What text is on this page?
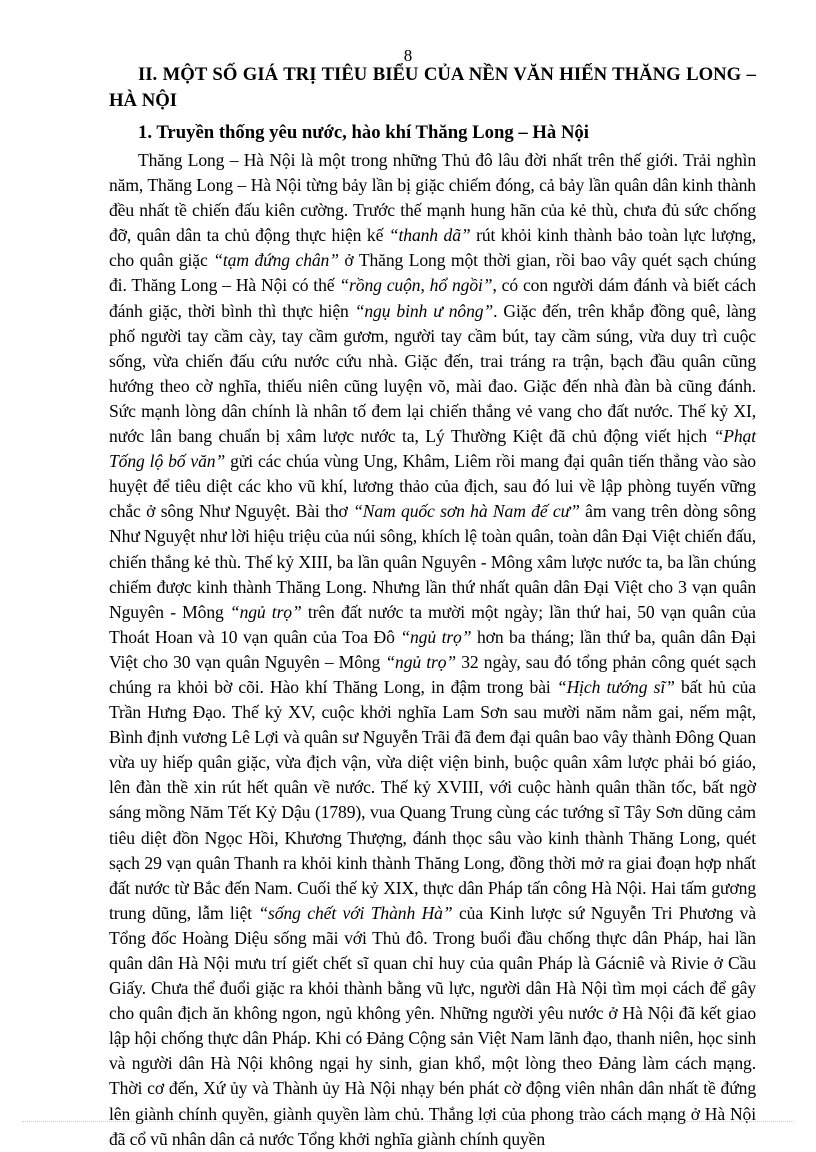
8
II. MỘT SỐ GIÁ TRỊ TIÊU BIỂU CỦA NỀN VĂN HIẾN THĂNG LONG – HÀ NỘI
1. Truyền thống yêu nước, hào khí Thăng Long – Hà Nội

Thăng Long – Hà Nội là một trong những Thủ đô lâu đời nhất trên thế giới. Trải nghìn năm, Thăng Long – Hà Nội từng bảy lần bị giặc chiếm đóng, cả bảy lần quân dân kinh thành đều nhất tề chiến đấu kiên cường. Trước thế mạnh hung hãn của kẻ thù, chưa đủ sức chống đỡ, quân dân ta chủ động thực hiện kế “thanh dã” rút khỏi kinh thành bảo toàn lực lượng, cho quân giặc “tạm đứng chân” ở Thăng Long một thời gian, rồi bao vây quét sạch chúng đi. Thăng Long – Hà Nội có thế “rồng cuộn, hổ ngồi”, có con người dám đánh và biết cách đánh giặc, thời bình thì thực hiện “ngụ binh ư nông”. Giặc đến, trên khắp đồng quê, làng phố người tay cầm cày, tay cầm gươm, người tay cầm bút, tay cầm súng, vừa duy trì cuộc sống, vừa chiến đấu cứu nước cứu nhà. Giặc đến, trai tráng ra trận, bạch đầu quân cũng hướng theo cờ nghĩa, thiếu niên cũng luyện võ, mài đao. Giặc đến nhà đàn bà cũng đánh. Sức mạnh lòng dân chính là nhân tố đem lại chiến thắng vẻ vang cho đất nước. Thế kỷ XI, nước lân bang chuẩn bị xâm lược nước ta, Lý Thường Kiệt đã chủ động viết hịch “Phạt Tống lộ bố văn” gửi các chúa vùng Ung, Khâm, Liêm rồi mang đại quân tiến thẳng vào sào huyệt để tiêu diệt các kho vũ khí, lương thảo của địch, sau đó lui về lập phòng tuyến vững chắc ở sông Như Nguyệt. Bài thơ “Nam quốc sơn hà Nam đế cư” âm vang trên dòng sông Như Nguyệt như lời hiệu triệu của núi sông, khích lệ toàn quân, toàn dân Đại Việt chiến đấu, chiến thắng kẻ thù. Thế kỷ XIII, ba lần quân Nguyên - Mông xâm lược nước ta, ba lần chúng chiếm được kinh thành Thăng Long. Nhưng lần thứ nhất quân dân Đại Việt cho 3 vạn quân Nguyên - Mông “ngủ trọ” trên đất nước ta mười một ngày; lần thứ hai, 50 vạn quân của Thoát Hoan và 10 vạn quân của Toa Đô “ngủ trọ” hơn ba tháng; lần thứ ba, quân dân Đại Việt cho 30 vạn quân Nguyên – Mông “ngủ trọ” 32 ngày, sau đó tổng phản công quét sạch chúng ra khỏi bờ cõi. Hào khí Thăng Long, in đậm trong bài “Hịch tướng sĩ” bất hủ của Trần Hưng Đạo. Thế kỷ XV, cuộc khởi nghĩa Lam Sơn sau mười năm nằm gai, nếm mật, Bình định vương Lê Lợi và quân sư Nguyễn Trãi đã đem đại quân bao vây thành Đông Quan vừa uy hiếp quân giặc, vừa địch vận, vừa diệt viện binh, buộc quân xâm lược phải bó giáo, lên đàn thề xin rút hết quân về nước. Thế kỷ XVIII, với cuộc hành quân thần tốc, bất ngờ sáng mồng Năm Tết Kỷ Dậu (1789), vua Quang Trung cùng các tướng sĩ Tây Sơn dũng cảm tiêu diệt đồn Ngọc Hồi, Khương Thượng, đánh thọc sâu vào kinh thành Thăng Long, quét sạch 29 vạn quân Thanh ra khỏi kinh thành Thăng Long, đồng thời mở ra giai đoạn hợp nhất đất nước từ Bắc đến Nam. Cuối thế kỷ XIX, thực dân Pháp tấn công Hà Nội. Hai tấm gương trung dũng, lẫm liệt “sống chết với Thành Hà” của Kinh lược sứ Nguyễn Tri Phương và Tổng đốc Hoàng Diệu sống mãi với Thủ đô. Trong buổi đầu chống thực dân Pháp, hai lần quân dân Hà Nội mưu trí giết chết sĩ quan chỉ huy của quân Pháp là Gácniê và Rivie ở Cầu Giấy. Chưa thể đuổi giặc ra khỏi thành bằng vũ lực, người dân Hà Nội tìm mọi cách để gây cho quân địch ăn không ngon, ngủ không yên. Những người yêu nước ở Hà Nội đã kết giao lập hội chống thực dân Pháp. Khi có Đảng Cộng sản Việt Nam lãnh đạo, thanh niên, học sinh và người dân Hà Nội không ngại hy sinh, gian khổ, một lòng theo Đảng làm cách mạng. Thời cơ đến, Xứ ủy và Thành ủy Hà Nội nhạy bén phát cờ động viên nhân dân nhất tề đứng lên giành chính quyền, giành quyền làm chủ. Thắng lợi của phong trào cách mạng ở Hà Nội đã cổ vũ nhân dân cả nước Tổng khởi nghĩa giành chính quyền
